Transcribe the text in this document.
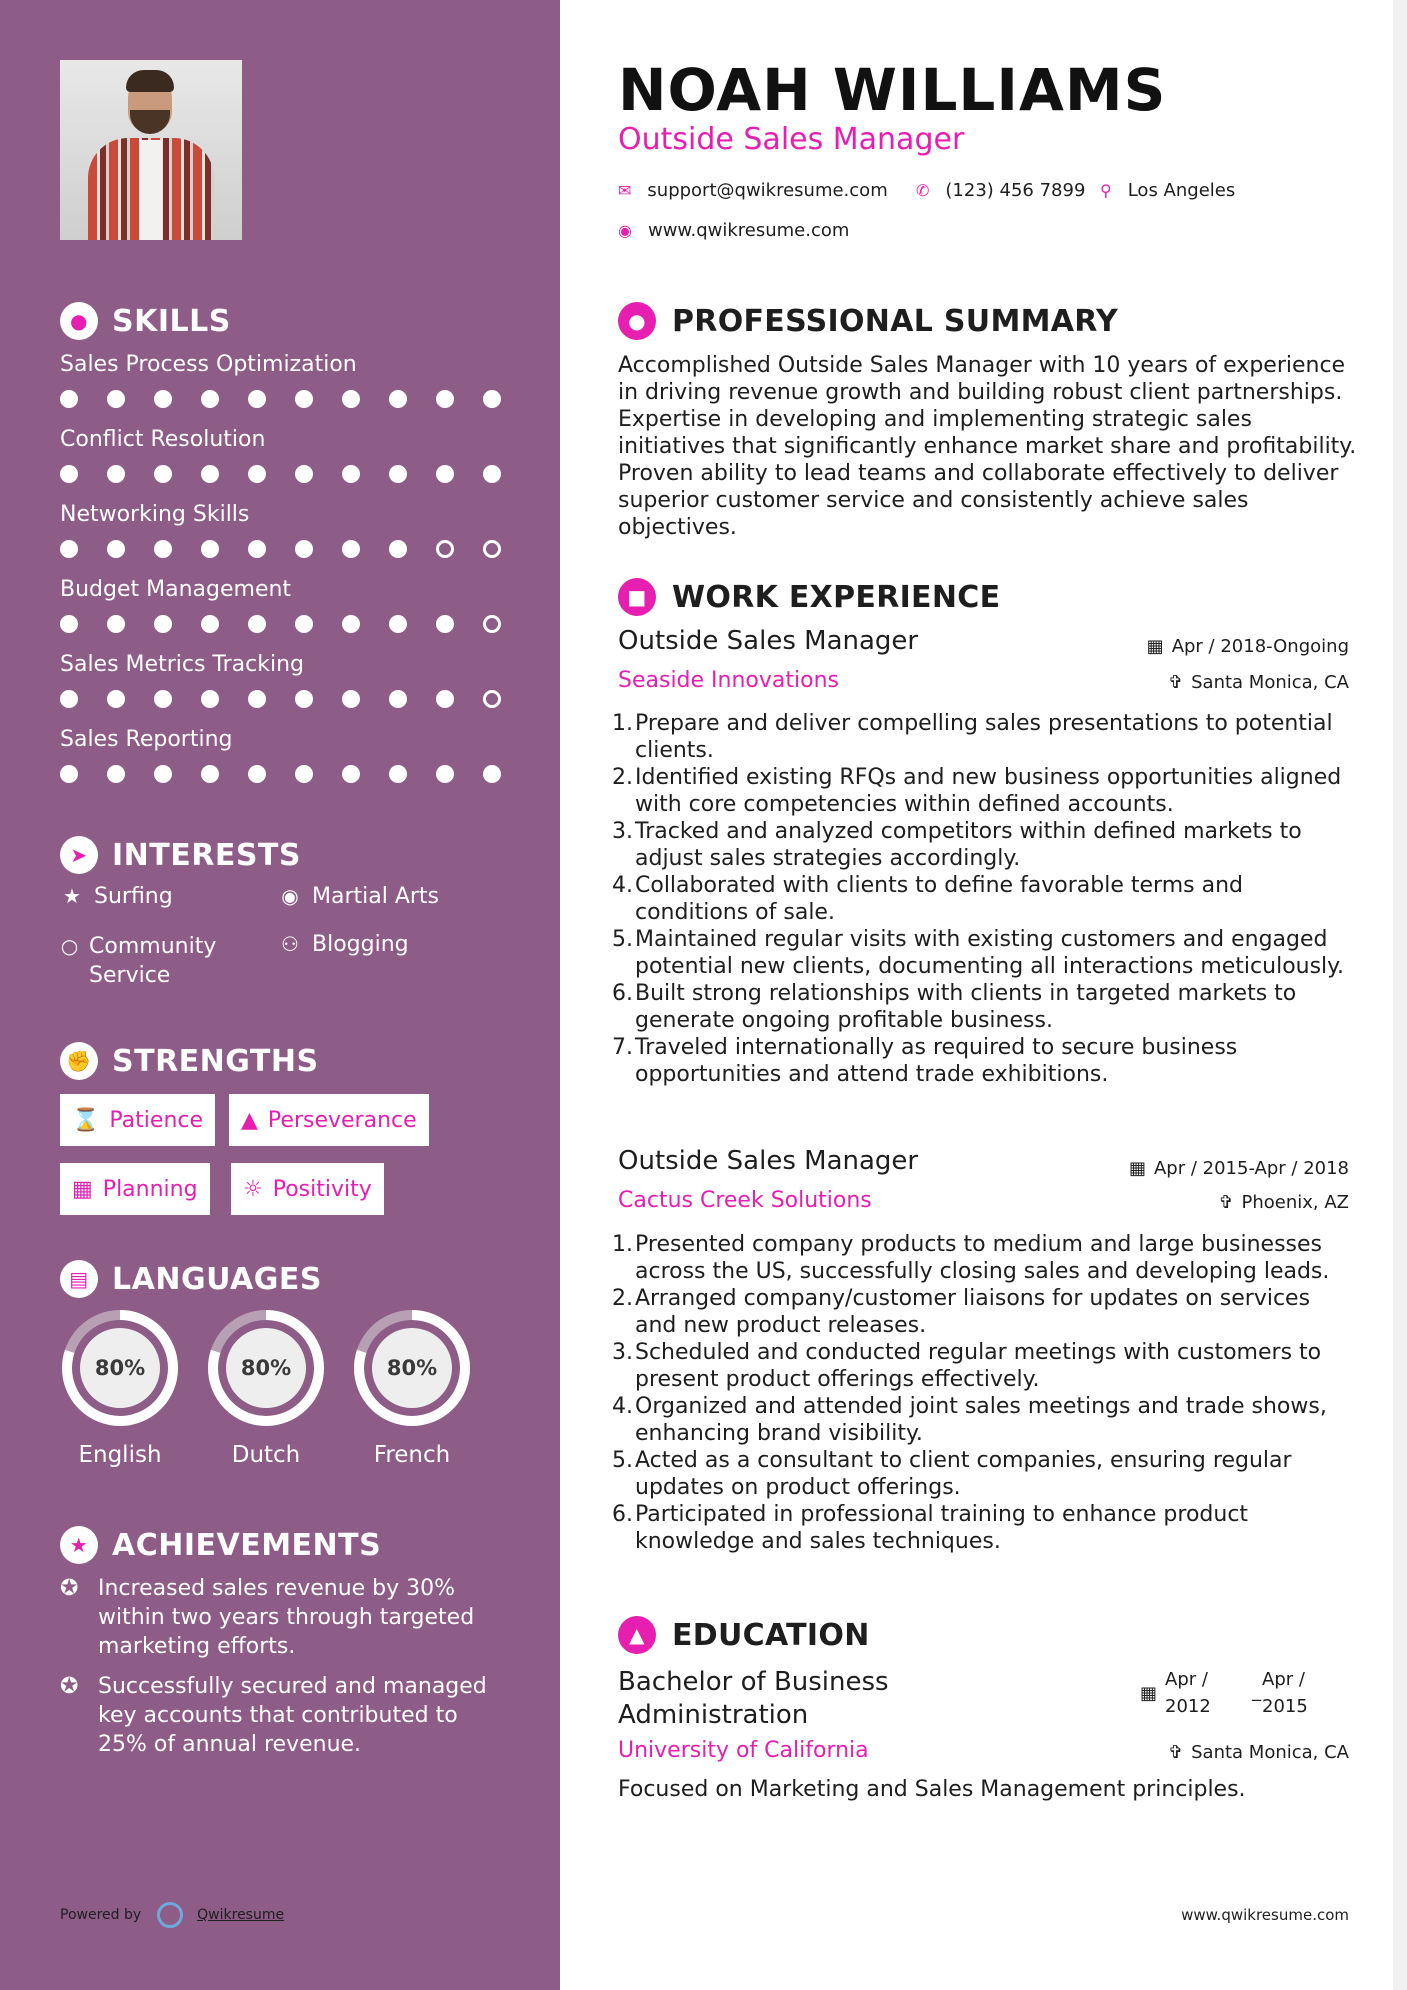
● SKILLS
Sales Process Optimization
Conflict Resolution
Networking Skills
Budget Management
Sales Metrics Tracking
Sales Reporting
➤ INTERESTS
★ Surfing	◉ Martial Arts
○ Community Service
⚇ Blogging
✊ STRENGTHS
⌛ Patience ▲ Perseverance
▦ Planning ☼ Positivity
▤ LANGUAGES
80%
English
80%
Dutch
80%
French
★ ACHIEVEMENTS
✪ Increased sales revenue by 30% within two years through targeted marketing efforts.
✪ Successfully secured and managed key accounts that contributed to 25% of annual revenue.
Powered by	Qwikresume
NOAH WILLIAMS
Outside Sales Manager
✉ support@qwikresume.com ✆ (123) 456 7899 ⚲ Los Angeles
◉ www.qwikresume.com
● PROFESSIONAL SUMMARY
Accomplished Outside Sales Manager with 10 years of experience in driving revenue growth and building robust client partnerships. Expertise in developing and implementing strategic sales initiatives that significantly enhance market share and profitability. Proven ability to lead teams and collaborate effectively to deliver superior customer service and consistently achieve sales objectives.
■ WORK EXPERIENCE
Outside Sales Manager
Seaside Innovations
▦ Apr / 2018-Ongoing
✞ Santa Monica, CA
1. Prepare and deliver compelling sales presentations to potential clients.
2. Identified existing RFQs and new business opportunities aligned with core competencies within defined accounts.
3. Tracked and analyzed competitors within defined markets to adjust sales strategies accordingly.
4. Collaborated with clients to define favorable terms and conditions of sale.
5. Maintained regular visits with existing customers and engaged potential new clients, documenting all interactions meticulously.
6. Built strong relationships with clients in targeted markets to generate ongoing profitable business.
7. Traveled internationally as required to secure business opportunities and attend trade exhibitions.
Outside Sales Manager
Cactus Creek Solutions
▦ Apr / 2015-Apr / 2018
✞ Phoenix, AZ
1. Presented company products to medium and large businesses across the US, successfully closing sales and developing leads.
2. Arranged company/customer liaisons for updates on services and new product releases.
3. Scheduled and conducted regular meetings with customers to present product offerings effectively.
4. Organized and attended joint sales meetings and trade shows, enhancing brand visibility.
5. Acted as a consultant to client companies, ensuring regular updates on product offerings.
6. Participated in professional training to enhance product knowledge and sales techniques.
▲ EDUCATION
Bachelor of Business Administration
▦
Apr / 2012
_
Apr / 2015
University of California	✞ Santa Monica, CA
Focused on Marketing and Sales Management principles.
www.qwikresume.com
